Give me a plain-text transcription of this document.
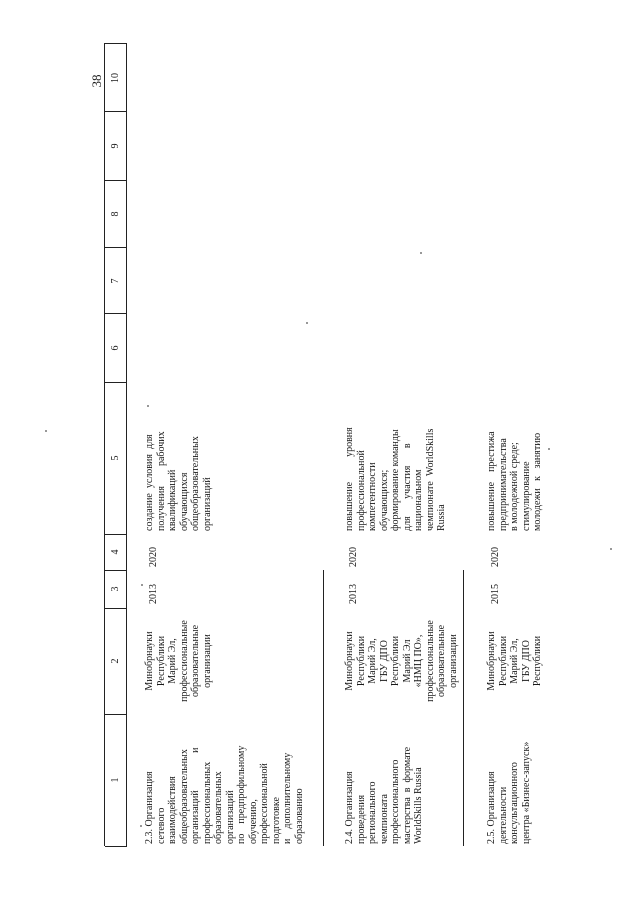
38 10
9
8
7
6
5
4
3
2
1
2.3. Организация
сетевого
взаимодействия
общеобразовательных
организаций               и
профессиональных
образовательных
организаций
по    предпрофильному
обучению,
профессиональной
подготовке
и    дополнительному
образованию
Минобрнауки
Республики
Марий Эл,
профессиональные
образовательные
организации
2013
2020
создание  условия  для
получения        рабочих
квалификаций
обучающихся
общеобразовательных
организаций
2.4. Организация
проведения
регионального
чемпионата
профессионального
мастерства  в  формате
WorldSkills Russia
Минобрнауки
Республики
Марий Эл,
ГБУ ДПО
Республики
Марий Эл
«НМЦ ПО»,
профессиональные
образовательные
организации
2013
2020
повышение          уровня
профессиональной
компетентности
обучающихся;
формирование команды
для       участия       в
национальном
чемпионате  WorldSkills
Russia
2.5. Организация
деятельности
консультационного
центра «Бизнес-запуск»
Минобрнауки
Республики
Марий Эл,
ГБУ ДПО
Республики
2015
2020
повышение    престижа
предпринимательства
в молодежной среде;
стимулирование
молодежи   к   занятию
